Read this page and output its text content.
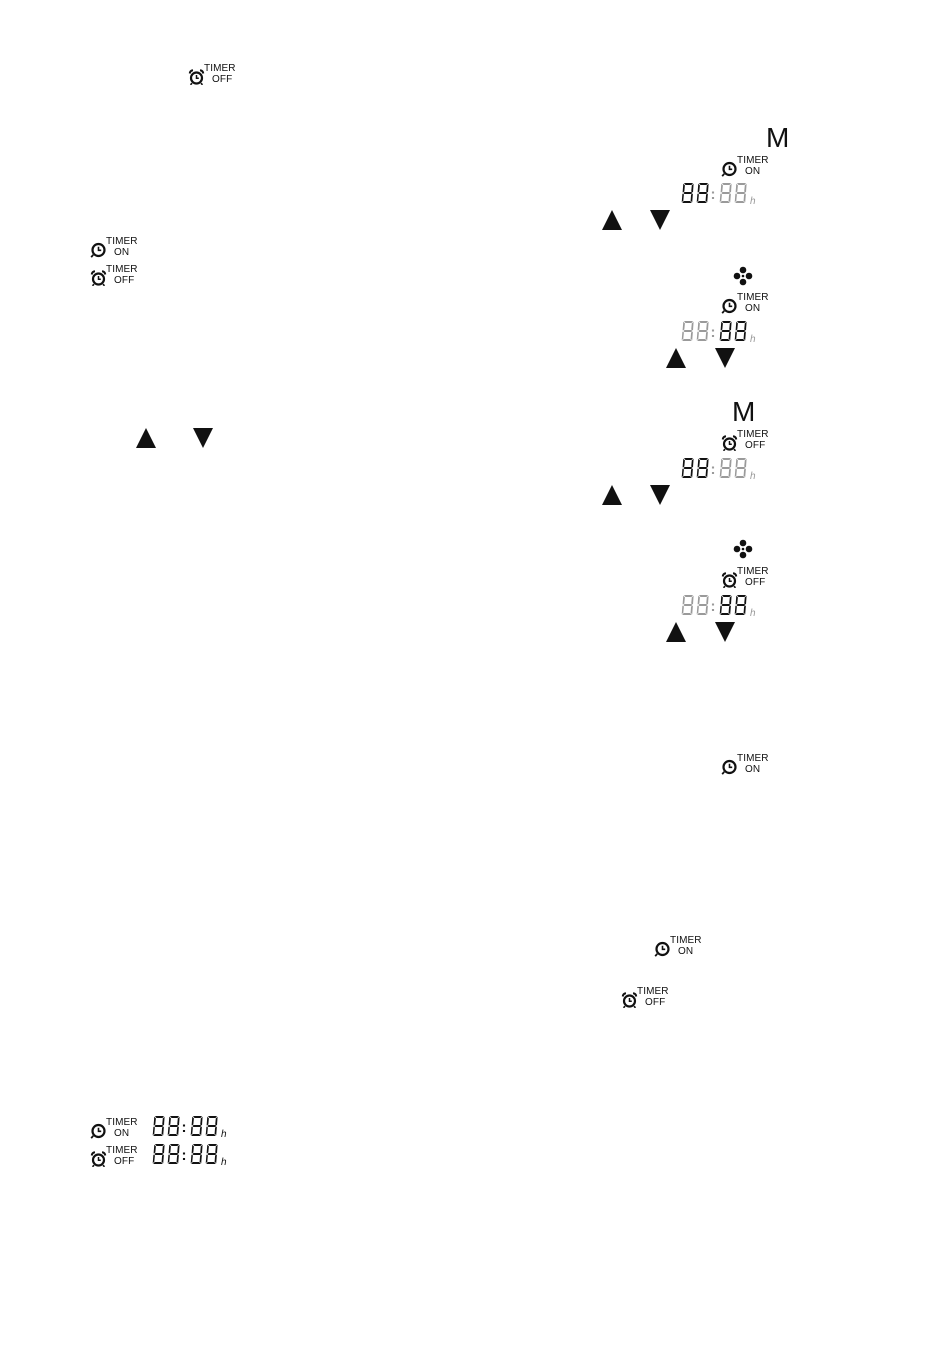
TIMER
OFF
TIMER
ON
TIMER
OFF
TIMER
ON	:	h
TIMER
OFF	:	h
M
TIMER
ON
:	h
TIMER
ON
:	h
M
TIMER
OFF
:	h
TIMER
OFF
:	h
TIMER
ON
TIMER
ON
TIMER
OFF
